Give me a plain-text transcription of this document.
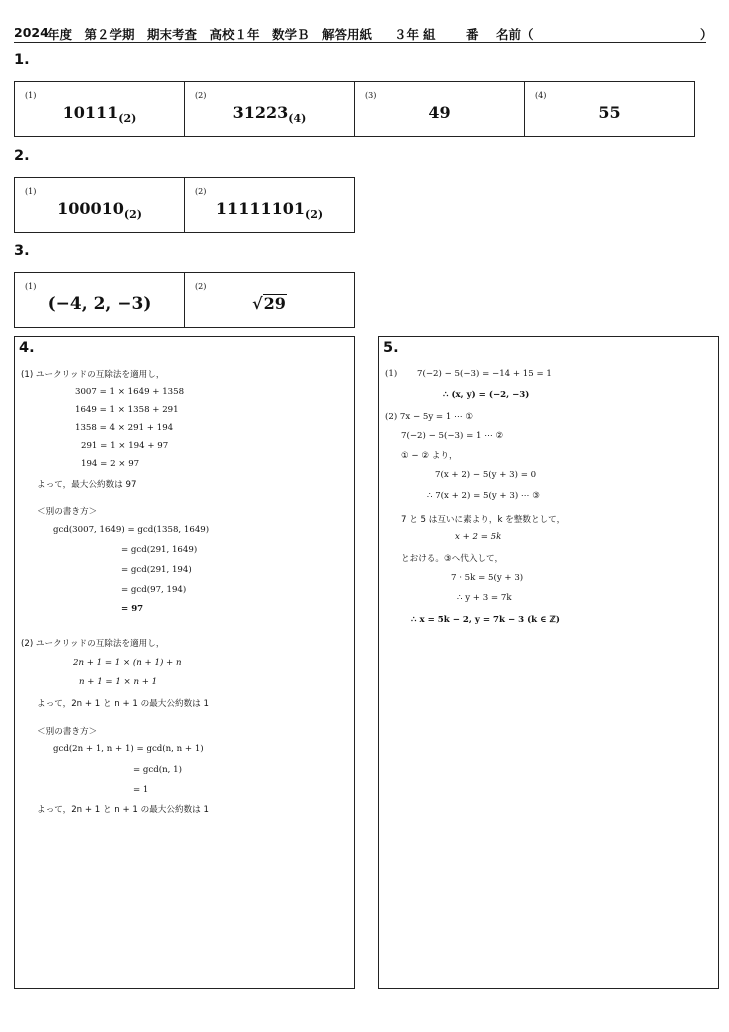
2024
年度　第２学期　期末考査　高校１年　数学Ｂ　解答用紙 ３年 組 番 名前（	）
1.
(1)
$10111_{(2)}$
(2)
$31223_{(4)}$
(3)
49
(4)
55
2.
(1)
$100010_{(2)}$
(2)
$11111101_{(2)}$
3.
(1)
(−4, 2, −3)
(2)
√29
4.
(1) ユークリッドの互除法を適用し，
3007 = 1 × 1649 + 1358
1649 = 1 × 1358 + 291
1358 = 4 × 291 + 194
291 = 1 × 194 + 97
194 = 2 × 97
よって，最大公約数は 97
＜別の書き方＞
gcd(3007, 1649) = gcd(1358, 1649)
= gcd(291, 1649)
= gcd(291, 194)
= gcd(97, 194)
= 97
(2) ユークリッドの互除法を適用し，
2n + 1 = 1 × (n + 1) + n
n + 1 = 1 × n + 1
よって，2n + 1 と n + 1 の最大公約数は 1
＜別の書き方＞
gcd(2n + 1, n + 1) = gcd(n, n + 1)
= gcd(n, 1)
= 1
よって，2n + 1 と n + 1 の最大公約数は 1
5.
(1) 7(−2) − 5(−3) = −14 + 15 = 1
∴ (x, y) = (−2, −3)
(2) 7x − 5y = 1 ⋯ ①
7(−2) − 5(−3) = 1 ⋯ ②
① − ② より，
7(x + 2) − 5(y + 3) = 0
∴ 7(x + 2) = 5(y + 3) ⋯ ③
7 と 5 は互いに素より，k を整数として，
x + 2 = 5k
とおける。③へ代入して，
7 · 5k = 5(y + 3)
∴ y + 3 = 7k
∴ x = 5k − 2, y = 7k − 3 (k ∈ ℤ)
